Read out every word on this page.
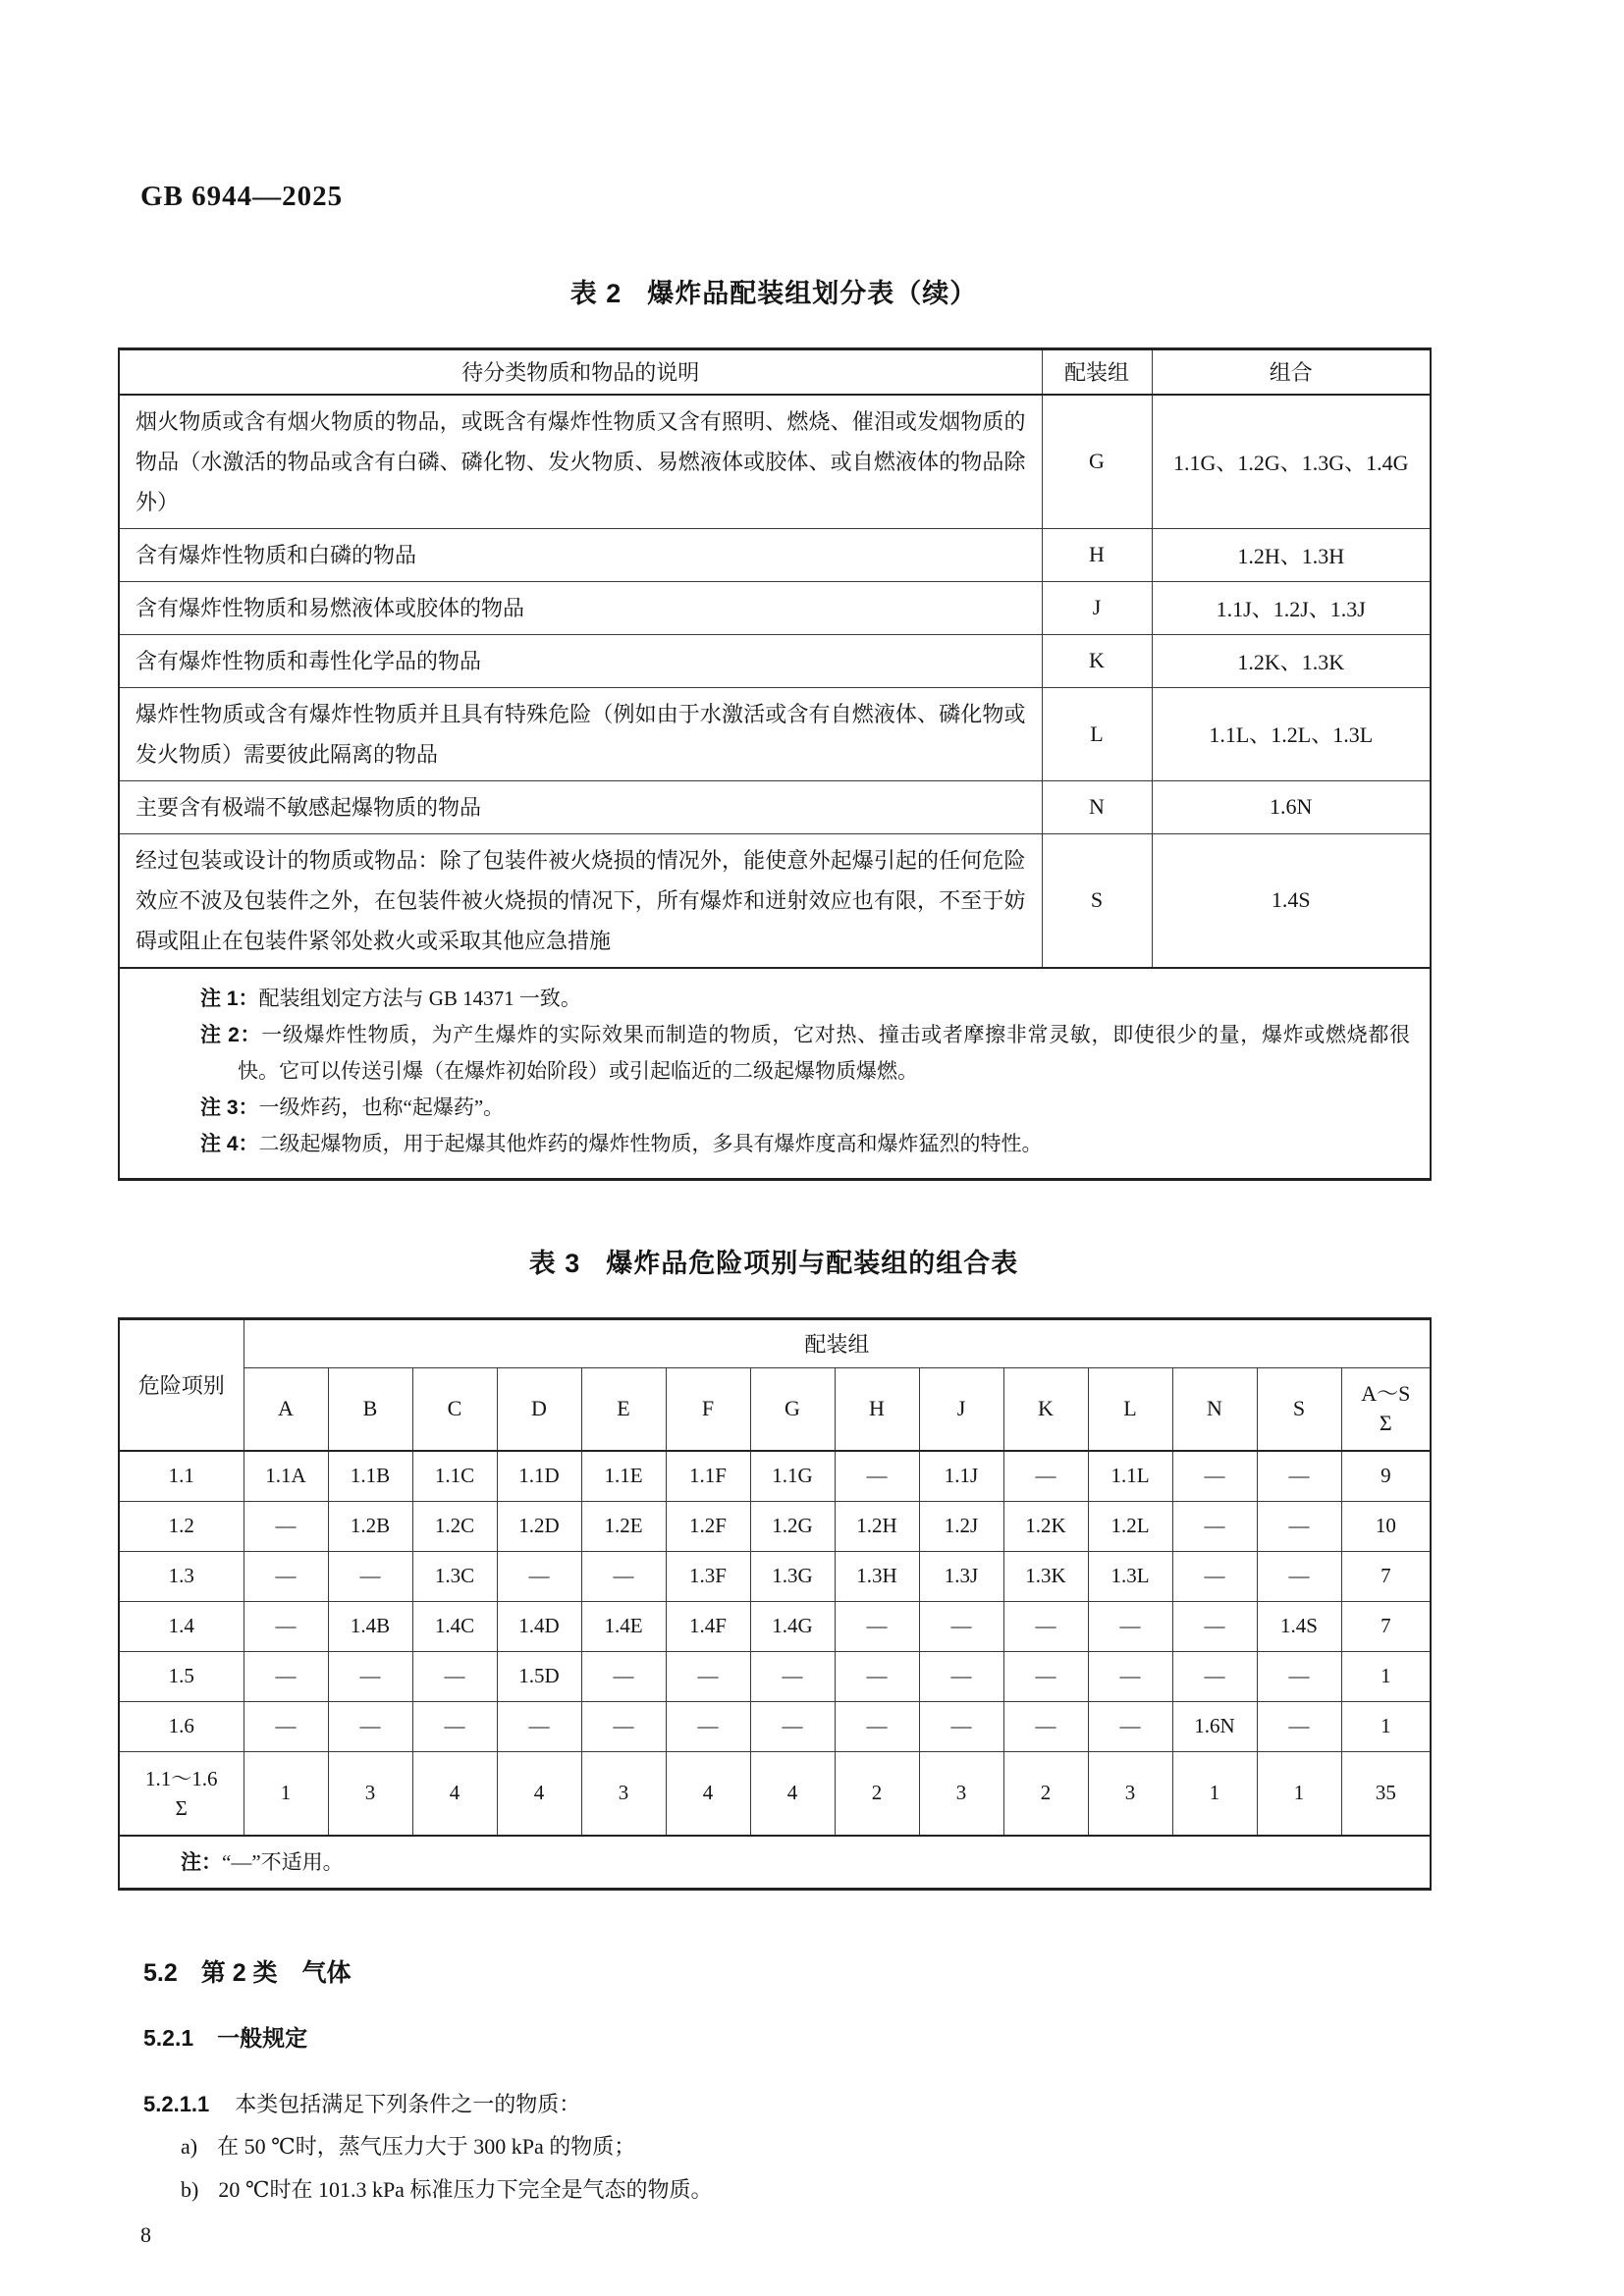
GB 6944—2025
表 2 爆炸品配装组划分表（续）
待分类物质和物品的说明	配装组	组合
烟火物质或含有烟火物质的物品，或既含有爆炸性物质又含有照明、燃烧、催泪或发烟物质的物品（水激活的物品或含有白磷、磷化物、发火物质、易燃液体或胶体、或自燃液体的物品除外）	G	1.1G、1.2G、1.3G、1.4G
含有爆炸性物质和白磷的物品	H	1.2H、1.3H
含有爆炸性物质和易燃液体或胶体的物品	J	1.1J、1.2J、1.3J
含有爆炸性物质和毒性化学品的物品	K	1.2K、1.3K
爆炸性物质或含有爆炸性物质并且具有特殊危险（例如由于水激活或含有自燃液体、磷化物或发火物质）需要彼此隔离的物品	L	1.1L、1.2L、1.3L
主要含有极端不敏感起爆物质的物品	N	1.6N
经过包装或设计的物质或物品：除了包装件被火烧损的情况外，能使意外起爆引起的任何危险效应不波及包装件之外，在包装件被火烧损的情况下，所有爆炸和迸射效应也有限，不至于妨碍或阻止在包装件紧邻处救火或采取其他应急措施	S	1.4S

注 1：配装组划定方法与 GB 14371 一致。
注 2：一级爆炸性物质，为产生爆炸的实际效果而制造的物质，它对热、撞击或者摩擦非常灵敏，即使很少的量，爆炸或燃烧都很快。它可以传送引爆（在爆炸初始阶段）或引起临近的二级起爆物质爆燃。
注 3：一级炸药，也称“起爆药”。
注 4：二级起爆物质，用于起爆其他炸药的爆炸性物质，多具有爆炸度高和爆炸猛烈的特性。		
表 3 爆炸品危险项别与配装组的组合表
危险项别	配装组													
	A	B	C	D	E	F	G	H	J	K	L	N	S	A～S
Σ

1.1	1.1A	1.1B	1.1C	1.1D	1.1E	1.1F	1.1G	—	1.1J	—	1.1L	—	—	9
1.2	—	1.2B	1.2C	1.2D	1.2E	1.2F	1.2G	1.2H	1.2J	1.2K	1.2L	—	—	10
1.3	—	—	1.3C	—	—	1.3F	1.3G	1.3H	1.3J	1.3K	1.3L	—	—	7
1.4	—	1.4B	1.4C	1.4D	1.4E	1.4F	1.4G	—	—	—	—	—	1.4S	7
1.5	—	—	—	1.5D	—	—	—	—	—	—	—	—	—	1
1.6	—	—	—	—	—	—	—	—	—	—	—	1.6N	—	1

1.1～1.6
Σ	1	3	4	4	3	4	4	2	3	2	3	1	1	35
注：“—”不适用。														
5.2 第 2 类　气体
5.2.1 一般规定
5.2.1.1 本类包括满足下列条件之一的物质：
a) 在 50 ℃时，蒸气压力大于 300 kPa 的物质；
b) 20 ℃时在 101.3 kPa 标准压力下完全是气态的物质。
8
